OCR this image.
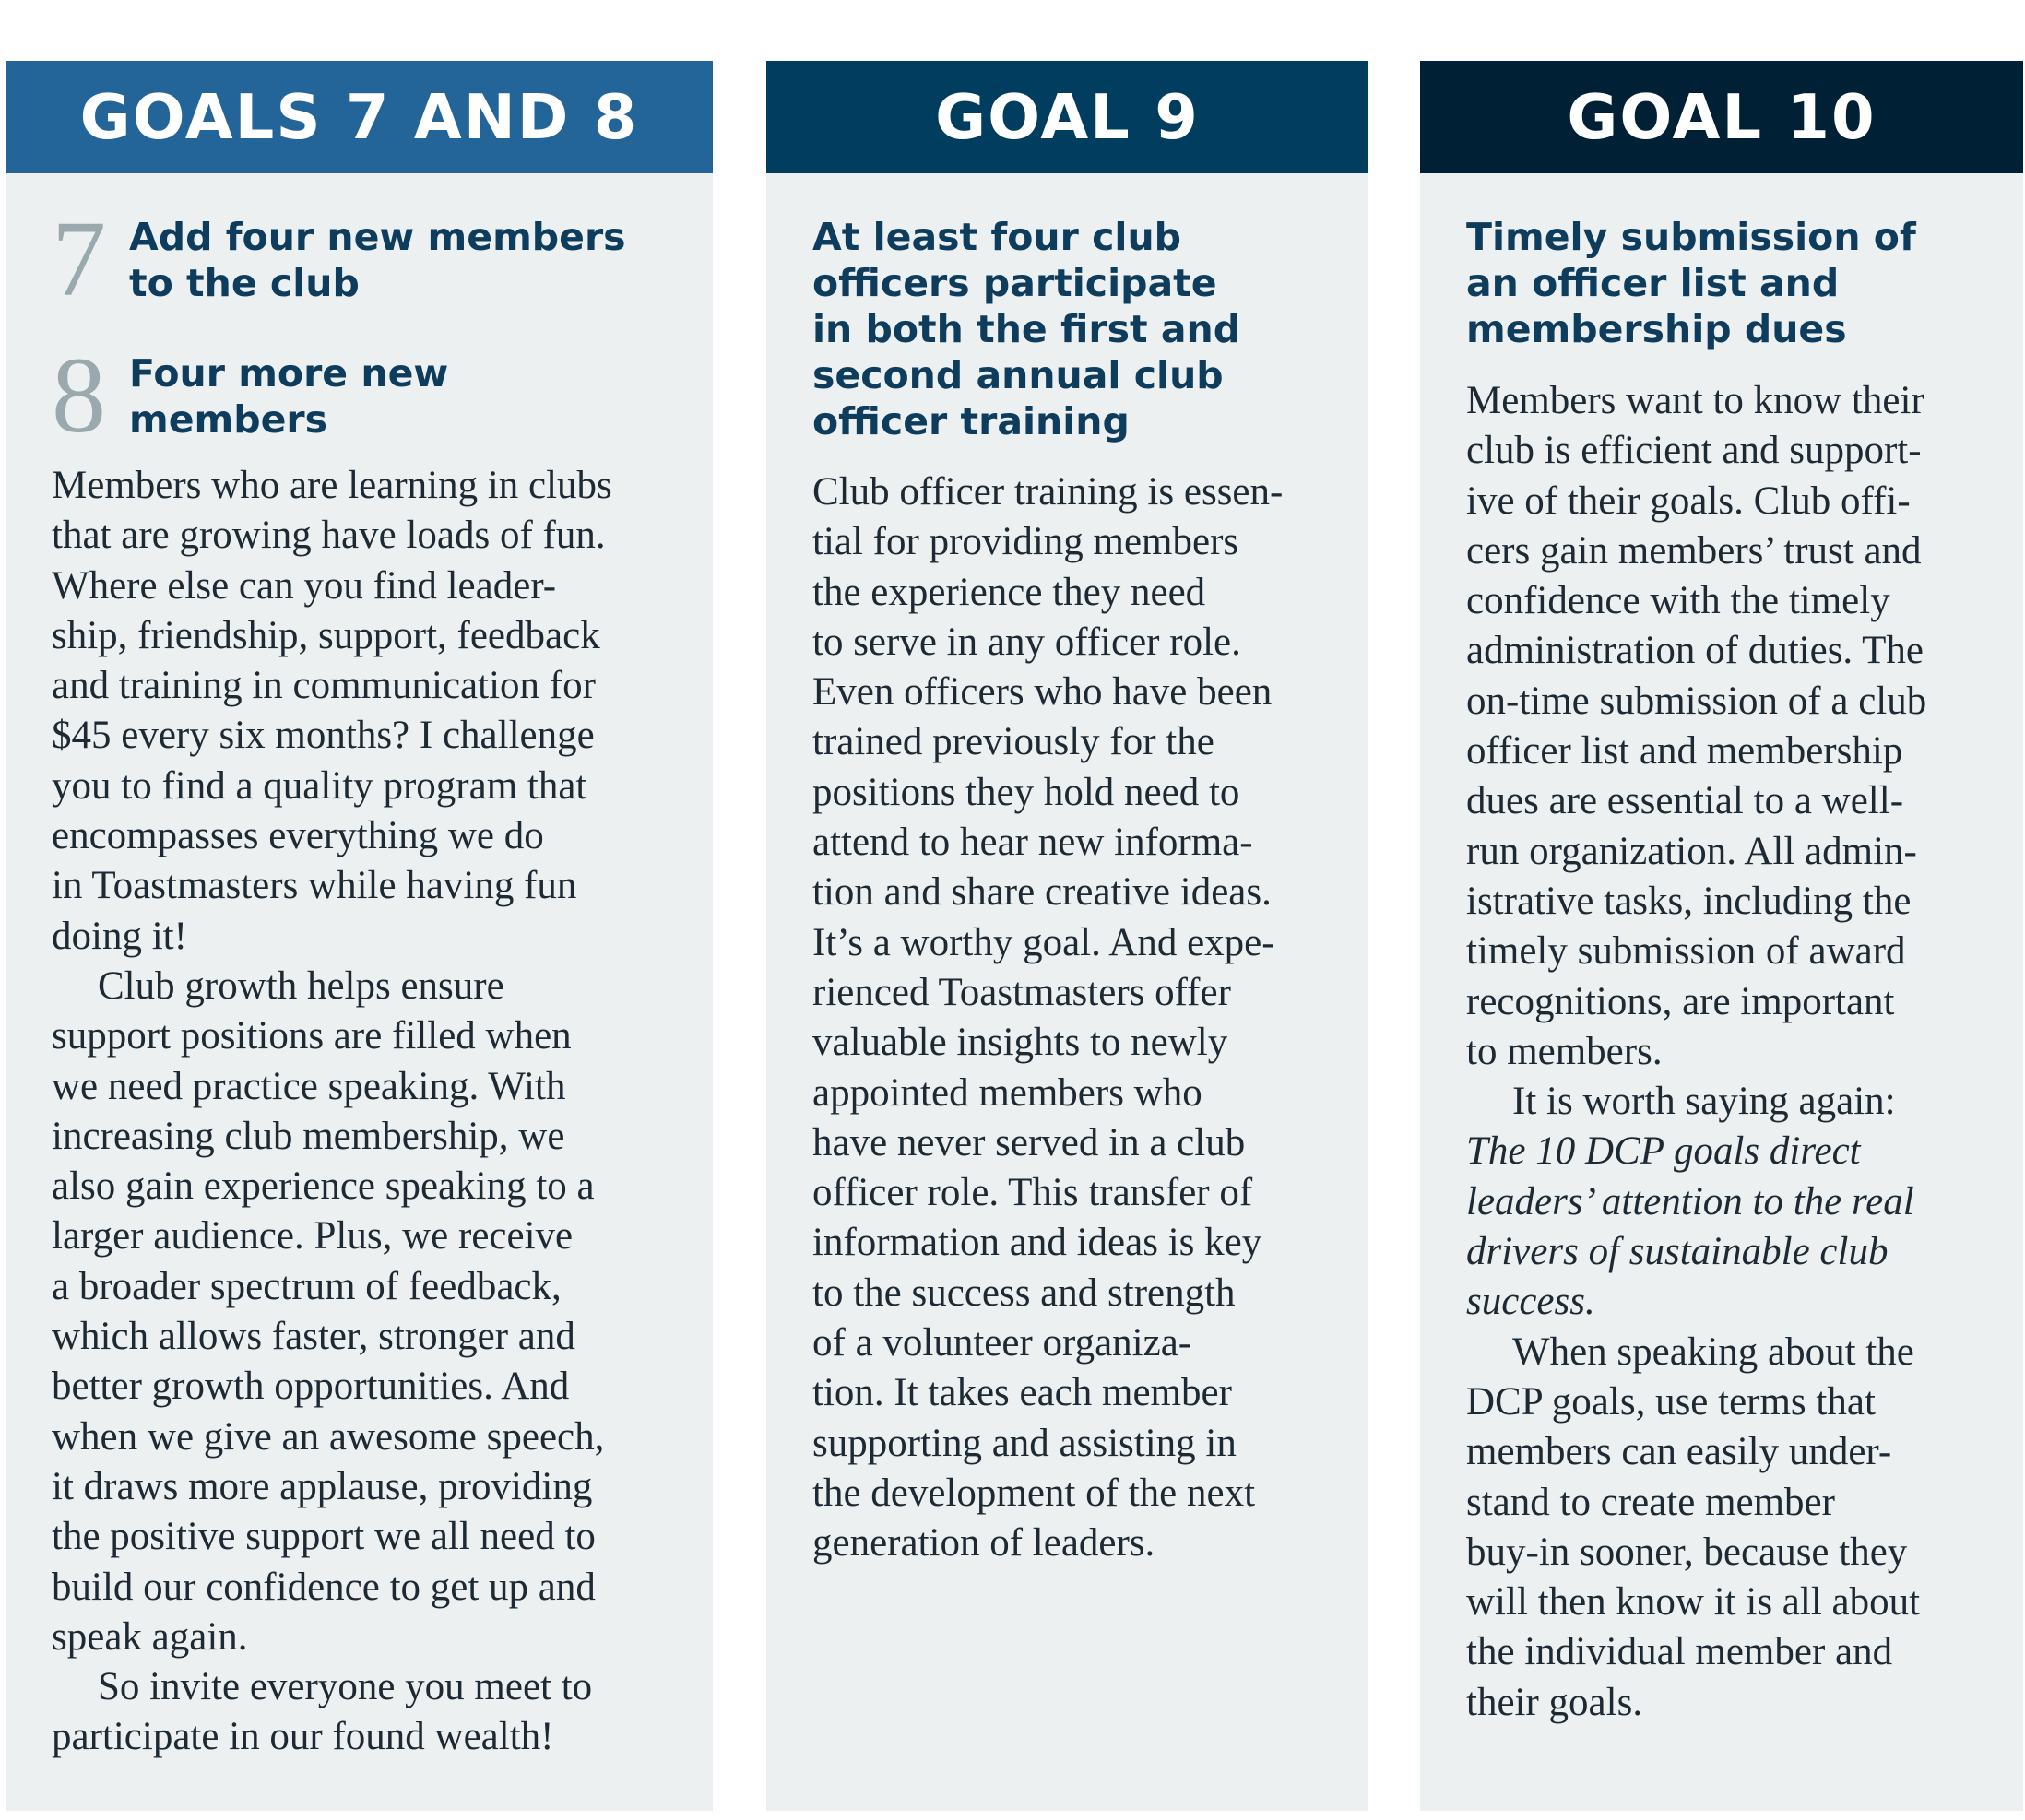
GOALS 7 AND 8
7 Add four new members
to the club
8 Four more new
members
Members who are learning in clubs
that are growing have loads of fun.
Where else can you find leader-
ship, friendship, support, feedback
and training in communication for
$45 every six months? I challenge
you to find a quality program that
encompasses everything we do
in Toastmasters while having fun
doing it!
Club growth helps ensure
support positions are filled when
we need practice speaking. With
increasing club membership, we
also gain experience speaking to a
larger audience. Plus, we receive
a broader spectrum of feedback,
which allows faster, stronger and
better growth opportunities. And
when we give an awesome speech,
it draws more applause, providing
the positive support we all need to
build our confidence to get up and
speak again.
So invite everyone you meet to
participate in our found wealth!
GOAL 9
At least four club
officers participate
in both the first and
second annual club
officer training
Club officer training is essen-
tial for providing members
the experience they need
to serve in any officer role.
Even officers who have been
trained previously for the
positions they hold need to
attend to hear new informa-
tion and share creative ideas.
It’s a worthy goal. And expe-
rienced Toastmasters offer
valuable insights to newly
appointed members who
have never served in a club
officer role. This transfer of
information and ideas is key
to the success and strength
of a volunteer organiza-
tion. It takes each member
supporting and assisting in
the development of the next
generation of leaders.
GOAL 10
Timely submission of
an officer list and
membership dues
Members want to know their
club is efficient and support-
ive of their goals. Club offi-
cers gain members’ trust and
confidence with the timely
administration of duties. The
on-time submission of a club
officer list and membership
dues are essential to a well-
run organization. All admin-
istrative tasks, including the
timely submission of award
recognitions, are important
to members.
It is worth saying again:
The 10 DCP goals direct
leaders’ attention to the real
drivers of sustainable club
success.
When speaking about the
DCP goals, use terms that
members can easily under-
stand to create member
buy-in sooner, because they
will then know it is all about
the individual member and
their goals.
